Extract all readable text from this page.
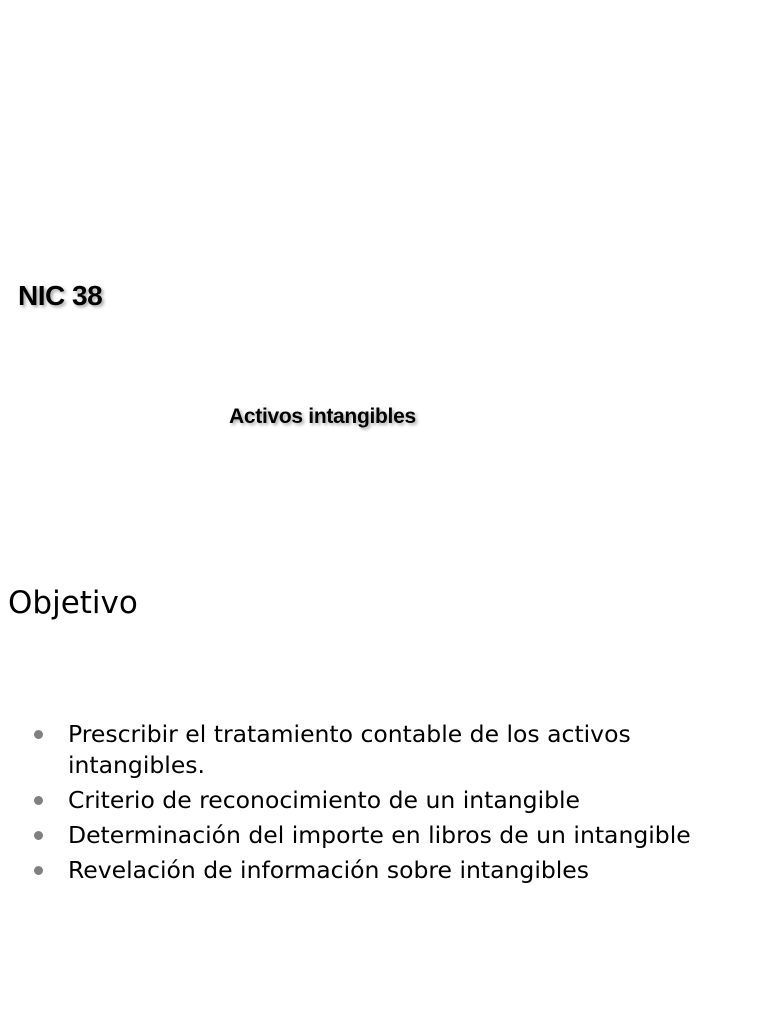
NIC 38
Activos intangibles
Objetivo
Prescribir el tratamiento contable de los activos intangibles.
Criterio de reconocimiento de un intangible
Determinación del importe en libros de un intangible
Revelación de información sobre intangibles
